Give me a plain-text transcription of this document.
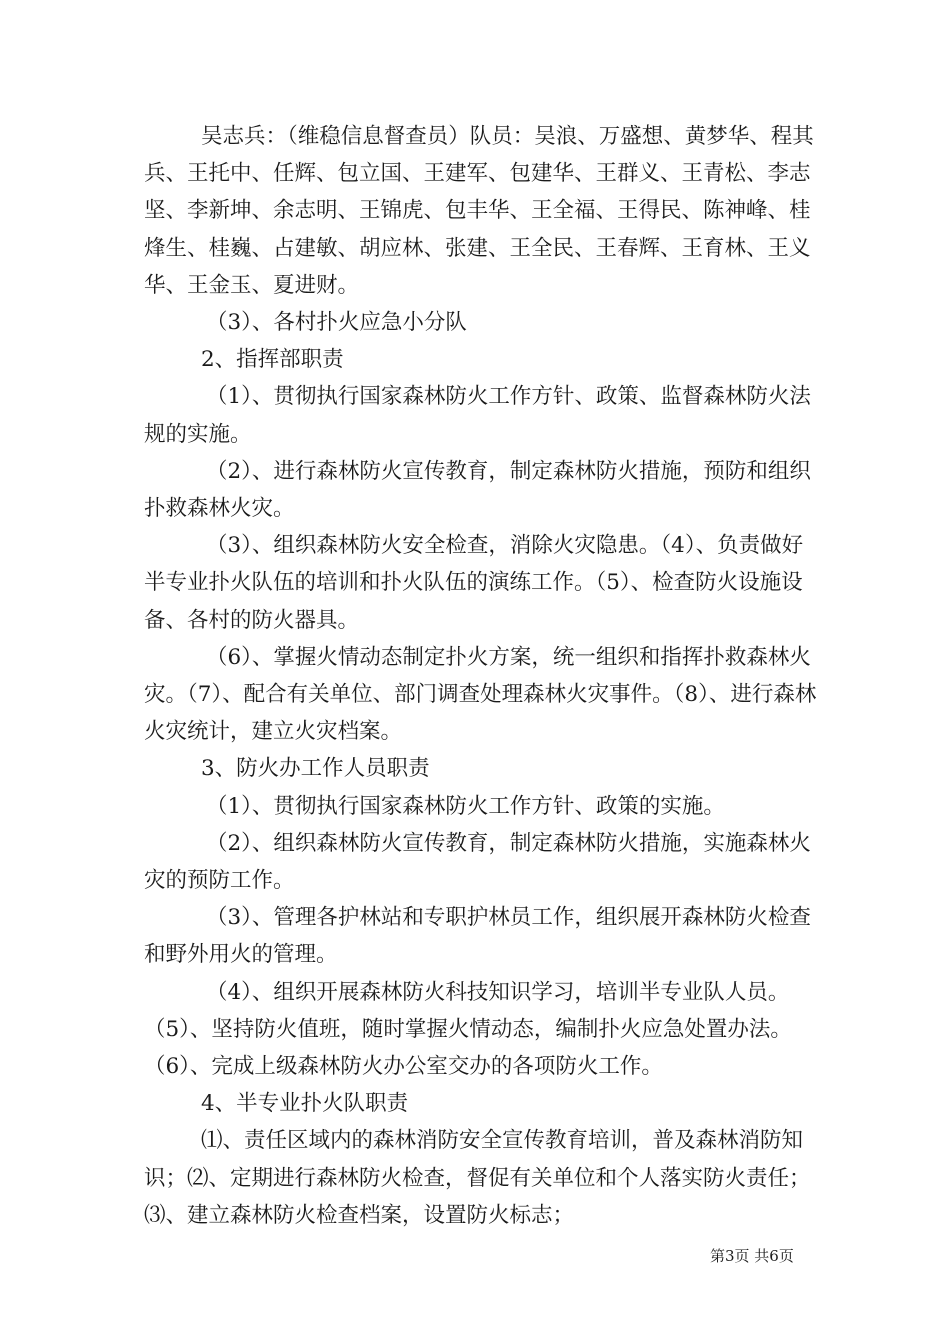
吴志兵：（维稳信息督查员）队员：吴浪、万盛想、黄梦华、程其兵、王托中、任辉、包立国、王建军、包建华、王群义、王青松、李志坚、李新坤、余志明、王锦虎、包丰华、王全福、王得民、陈神峰、桂烽生、桂巍、占建敏、胡应林、张建、王全民、王春辉、王育林、王义华、王金玉、夏进财。

（3）、各村扑火应急小分队

2、指挥部职责

（1）、贯彻执行国家森林防火工作方针、政策、监督森林防火法规的实施。

（2）、进行森林防火宣传教育，制定森林防火措施，预防和组织扑救森林火灾。

（3）、组织森林防火安全检查，消除火灾隐患。（4）、负责做好半专业扑火队伍的培训和扑火队伍的演练工作。（5）、检查防火设施设备、各村的防火器具。

（6）、掌握火情动态制定扑火方案，统一组织和指挥扑救森林火灾。（7）、配合有关单位、部门调查处理森林火灾事件。（8）、进行森林火灾统计，建立火灾档案。

3、防火办工作人员职责

（1）、贯彻执行国家森林防火工作方针、政策的实施。

（2）、组织森林防火宣传教育，制定森林防火措施，实施森林火灾的预防工作。

（3）、管理各护林站和专职护林员工作，组织展开森林防火检查和野外用火的管理。

（4）、组织开展森林防火科技知识学习，培训半专业队人员。（5）、坚持防火值班，随时掌握火情动态，编制扑火应急处置办法。（6）、完成上级森林防火办公室交办的各项防火工作。

4、半专业扑火队职责

⑴、责任区域内的森林消防安全宣传教育培训，普及森林消防知识；⑵、定期进行森林防火检查，督促有关单位和个人落实防火责任；⑶、建立森林防火检查档案，设置防火标志；

第3页 共6页
